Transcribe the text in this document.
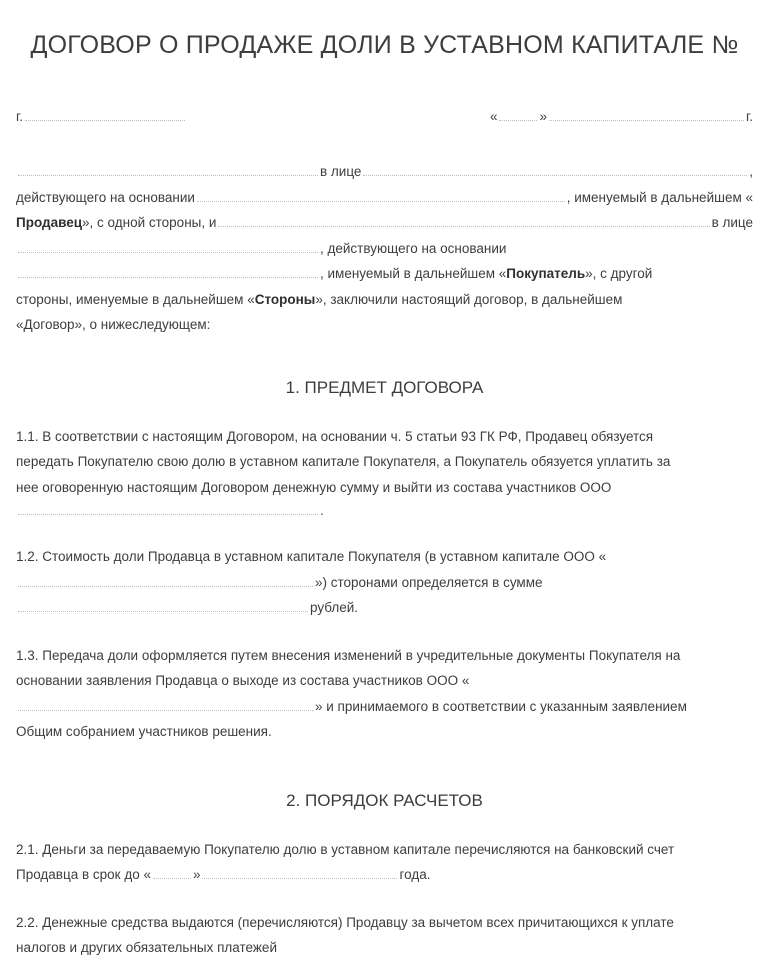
ДОГОВОР О ПРОДАЖЕ ДОЛИ В УСТАВНОМ КАПИТАЛЕ №
г.	«	»	г.
в лице	,
действующего на основании	, именуемый в дальнейшем «
Продавец », с одной стороны, и	в лице
, действующего на основании
, именуемый в дальнейшем « Покупатель », с другой
стороны, именуемые в дальнейшем «Стороны», заключили настоящий договор, в дальнейшем
«Договор», о нижеследующем:
1. ПРЕДМЕТ ДОГОВОРА
1.1. В соответствии с настоящим Договором, на основании ч. 5 статьи 93 ГК РФ, Продавец обязуется
передать Покупателю свою долю в уставном капитале Покупателя, а Покупатель обязуется уплатить за
нее оговоренную настоящим Договором денежную сумму и выйти из состава участников ООО
.
1.2. Стоимость доли Продавца в уставном капитале Покупателя (в уставном капитале ООО «
») сторонами определяется в сумме
рублей.
1.3. Передача доли оформляется путем внесения изменений в учредительные документы Покупателя на
основании заявления Продавца о выходе из состава участников ООО «
» и принимаемого в соответствии с указанным заявлением
Общим собранием участников решения.
2. ПОРЯДОК РАСЧЕТОВ
2.1. Деньги за передаваемую Покупателю долю в уставном капитале перечисляются на банковский счет
Продавца в срок до «	»	года.
2.2. Денежные средства выдаются (перечисляются) Продавцу за вычетом всех причитающихся к уплате
налогов и других обязательных платежей
